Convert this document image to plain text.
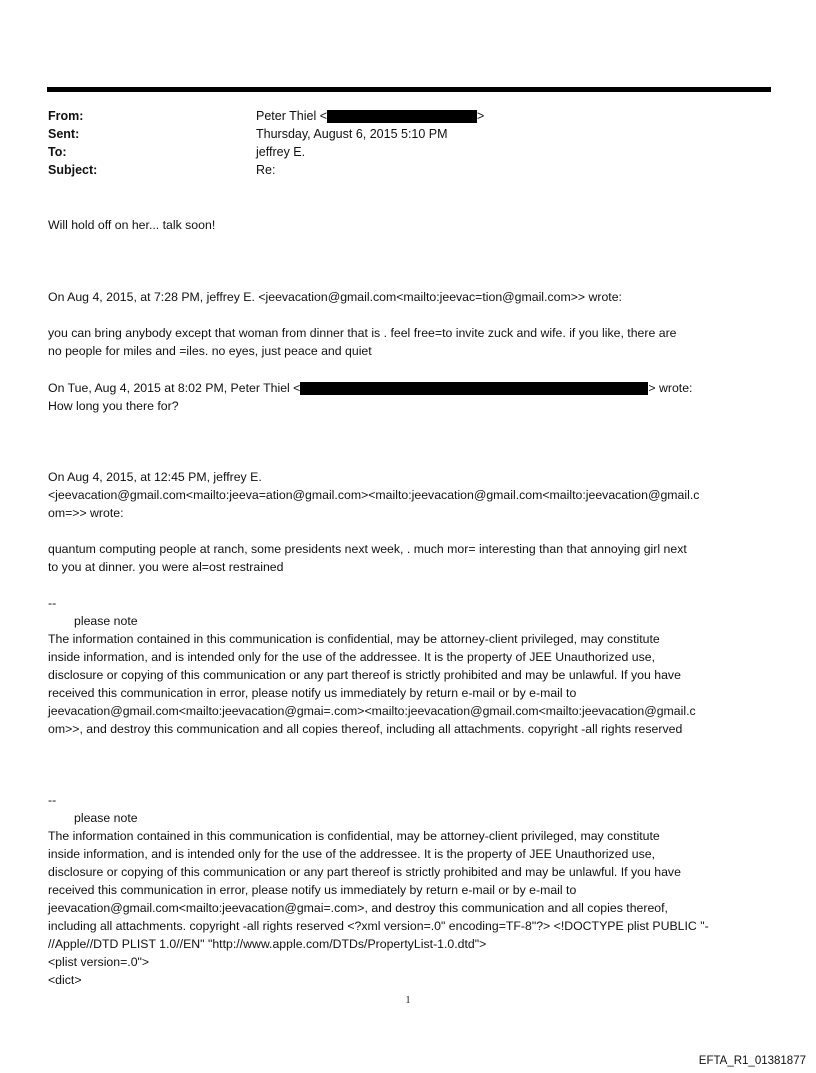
From:	Peter Thiel <	>
Sent:	Thursday, August 6, 2015 5:10 PM
To:	jeffrey E.
Subject:	Re:
Will hold off on her... talk soon!
On Aug 4, 2015, at 7:28 PM, jeffrey E. <jeevacation@gmail.com<mailto:jeevac=tion@gmail.com>> wrote:
you can bring anybody except that woman from dinner that is . feel free=to invite zuck and wife. if you like, there are
no people for miles and =iles. no eyes, just peace and quiet
On Tue, Aug 4, 2015 at 8:02 PM, Peter Thiel <	> wrote:
How long you there for?
On Aug 4, 2015, at 12:45 PM, jeffrey E.
<jeevacation@gmail.com<mailto:jeeva=ation@gmail.com><mailto:jeevacation@gmail.com<mailto:jeevacation@gmail.c
om=>> wrote:
quantum computing people at ranch, some presidents next week, . much mor= interesting than that annoying girl next
to you at dinner. you were al=ost restrained
--
please note
The information contained in this communication is confidential, may be attorney-client privileged, may constitute
inside information, and is intended only for the use of the addressee. It is the property of JEE Unauthorized use,
disclosure or copying of this communication or any part thereof is strictly prohibited and may be unlawful. If you have
received this communication in error, please notify us immediately by return e-mail or by e-mail to
jeevacation@gmail.com<mailto:jeevacation@gmai=.com><mailto:jeevacation@gmail.com<mailto:jeevacation@gmail.c
om>>, and destroy this communication and all copies thereof, including all attachments. copyright -all rights reserved
--
please note
The information contained in this communication is confidential, may be attorney-client privileged, may constitute
inside information, and is intended only for the use of the addressee. It is the property of JEE Unauthorized use,
disclosure or copying of this communication or any part thereof is strictly prohibited and may be unlawful. If you have
received this communication in error, please notify us immediately by return e-mail or by e-mail to
jeevacation@gmail.com<mailto:jeevacation@gmai=.com>, and destroy this communication and all copies thereof,
including all attachments. copyright -all rights reserved <?xml version=.0" encoding=TF-8"?> <!DOCTYPE plist PUBLIC "-
//Apple//DTD PLIST 1.0//EN" "http://www.apple.com/DTDs/PropertyList-1.0.dtd">
<plist version=.0">
<dict>
1
EFTA_R1_01381877
